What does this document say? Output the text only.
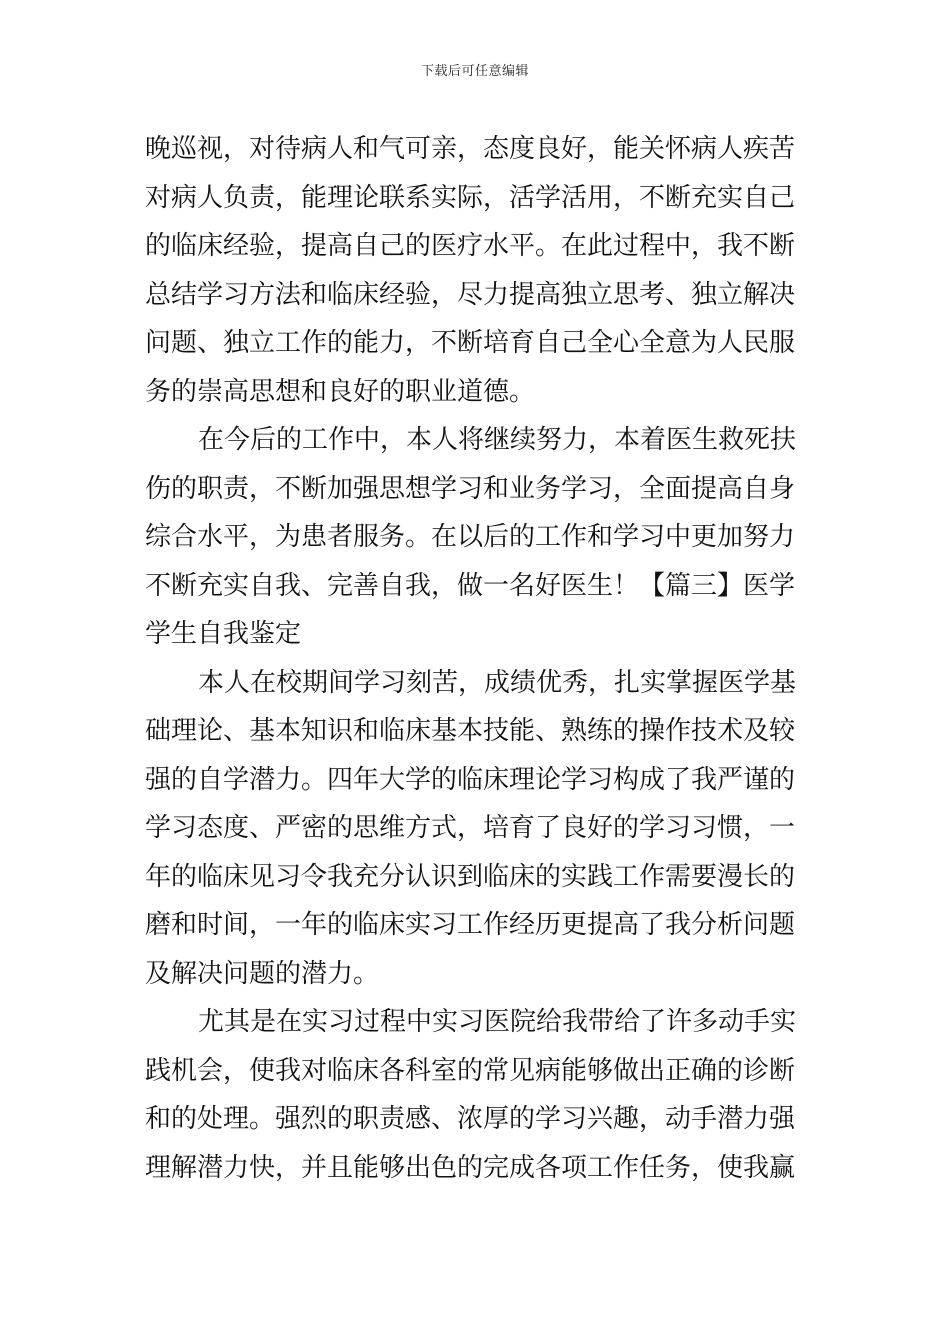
下载后可任意编辑
晚巡视，对待病人和气可亲，态度良好，能关怀病人疾苦
对病人负责，能理论联系实际，活学活用，不断充实自己
的临床经验，提高自己的医疗水平。在此过程中，我不断
总结学习方法和临床经验，尽力提高独立思考、独立解决
问题、独立工作的能力，不断培育自己全心全意为人民服
务的崇高思想和良好的职业道德。
在今后的工作中，本人将继续努力，本着医生救死扶
伤的职责，不断加强思想学习和业务学习，全面提高自身
综合水平，为患者服务。在以后的工作和学习中更加努力
不断充实自我、完善自我，做一名好医生！【篇三】医学
学生自我鉴定
本人在校期间学习刻苦，成绩优秀，扎实掌握医学基
础理论、基本知识和临床基本技能、熟练的操作技术及较
强的自学潜力。四年大学的临床理论学习构成了我严谨的
学习态度、严密的思维方式，培育了良好的学习习惯，一
年的临床见习令我充分认识到临床的实践工作需要漫长的
磨和时间，一年的临床实习工作经历更提高了我分析问题
及解决问题的潜力。
尤其是在实习过程中实习医院给我带给了许多动手实
践机会，使我对临床各科室的常见病能够做出正确的诊断
和的处理。强烈的职责感、浓厚的学习兴趣，动手潜力强
理解潜力快，并且能够出色的完成各项工作任务，使我赢
